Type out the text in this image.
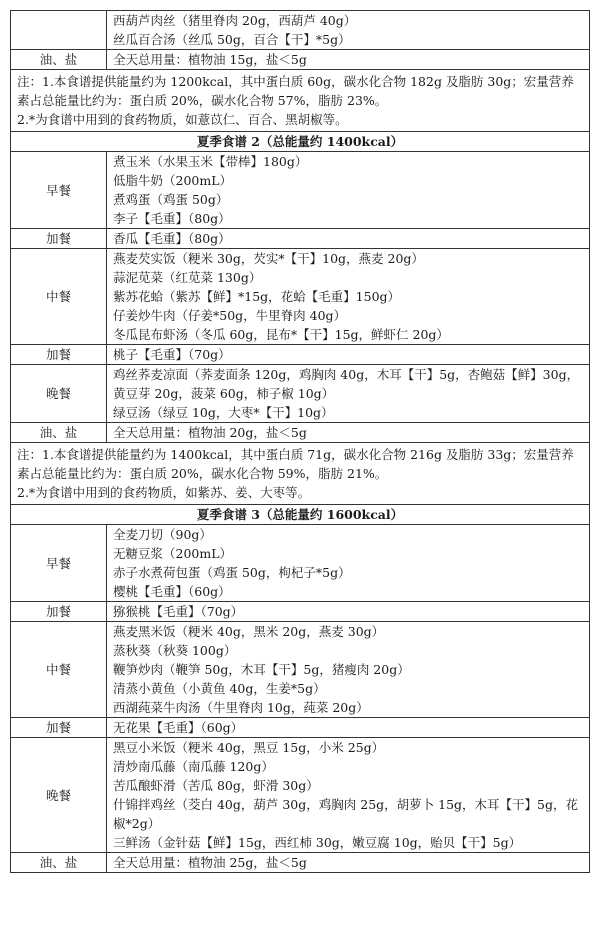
	西葫芦肉丝（猪里脊肉 20g，西葫芦 40g）
丝瓜百合汤（丝瓜 50g，百合【干】*5g）

油、盐	全天总用量：植物油 15g，盐＜5g
注：1.本食谱提供能量约为 1200kcal，其中蛋白质 60g，碳水化合物 182g 及脂肪 30g；宏量营养素占总能量比约为：蛋白质 20%，碳水化合物 57%，脂肪 23%。
2.*为食谱中用到的食药物质，如薏苡仁、百合、黑胡椒等。	
夏季食谱 2（总能量约 1400kcal）	
早餐	煮玉米（水果玉米【带棒】180g）
低脂牛奶（200mL）
煮鸡蛋（鸡蛋 50g）
李子【毛重】（80g）

加餐	香瓜【毛重】（80g）
中餐	燕麦芡实饭（粳米 30g，芡实*【干】10g，燕麦 20g）
蒜泥苋菜（红苋菜 130g）
紫苏花蛤（紫苏【鲜】*15g，花蛤【毛重】150g）
仔姜炒牛肉（仔姜*50g，牛里脊肉 40g）
冬瓜昆布虾汤（冬瓜 60g，昆布*【干】15g，鲜虾仁 20g）

加餐	桃子【毛重】（70g）
晚餐	鸡丝荞麦凉面（荞麦面条 120g，鸡胸肉 40g，木耳【干】5g，杏鲍菇【鲜】30g，黄豆芽 20g，菠菜 60g，柿子椒 10g）
绿豆汤（绿豆 10g，大枣*【干】10g）

油、盐	全天总用量：植物油 20g，盐＜5g
注：1.本食谱提供能量约为 1400kcal，其中蛋白质 71g，碳水化合物 216g 及脂肪 33g；宏量营养素占总能量比约为：蛋白质 20%，碳水化合物 59%，脂肪 21%。
2.*为食谱中用到的食药物质，如紫苏、姜、大枣等。	
夏季食谱 3（总能量约 1600kcal）	
早餐	全麦刀切（90g）
无糖豆浆（200mL）
赤子水煮荷包蛋（鸡蛋 50g，枸杞子*5g）
樱桃【毛重】（60g）

加餐	猕猴桃【毛重】（70g）
中餐	燕麦黑米饭（粳米 40g，黑米 20g，燕麦 30g）
蒸秋葵（秋葵 100g）
鞭笋炒肉（鞭笋 50g，木耳【干】5g，猪瘦肉 20g）
清蒸小黄鱼（小黄鱼 40g，生姜*5g）
西湖莼菜牛肉汤（牛里脊肉 10g，莼菜 20g）

加餐	无花果【毛重】（60g）
晚餐	黑豆小米饭（粳米 40g，黑豆 15g，小米 25g）
清炒南瓜藤（南瓜藤 120g）
苦瓜酿虾滑（苦瓜 80g，虾滑 30g）
什锦拌鸡丝（茭白 40g，葫芦 30g，鸡胸肉 25g，胡萝卜 15g，木耳【干】5g，花椒*2g）
三鲜汤（金针菇【鲜】15g，西红柿 30g，嫩豆腐 10g，贻贝【干】5g）

油、盐	全天总用量：植物油 25g，盐＜5g
